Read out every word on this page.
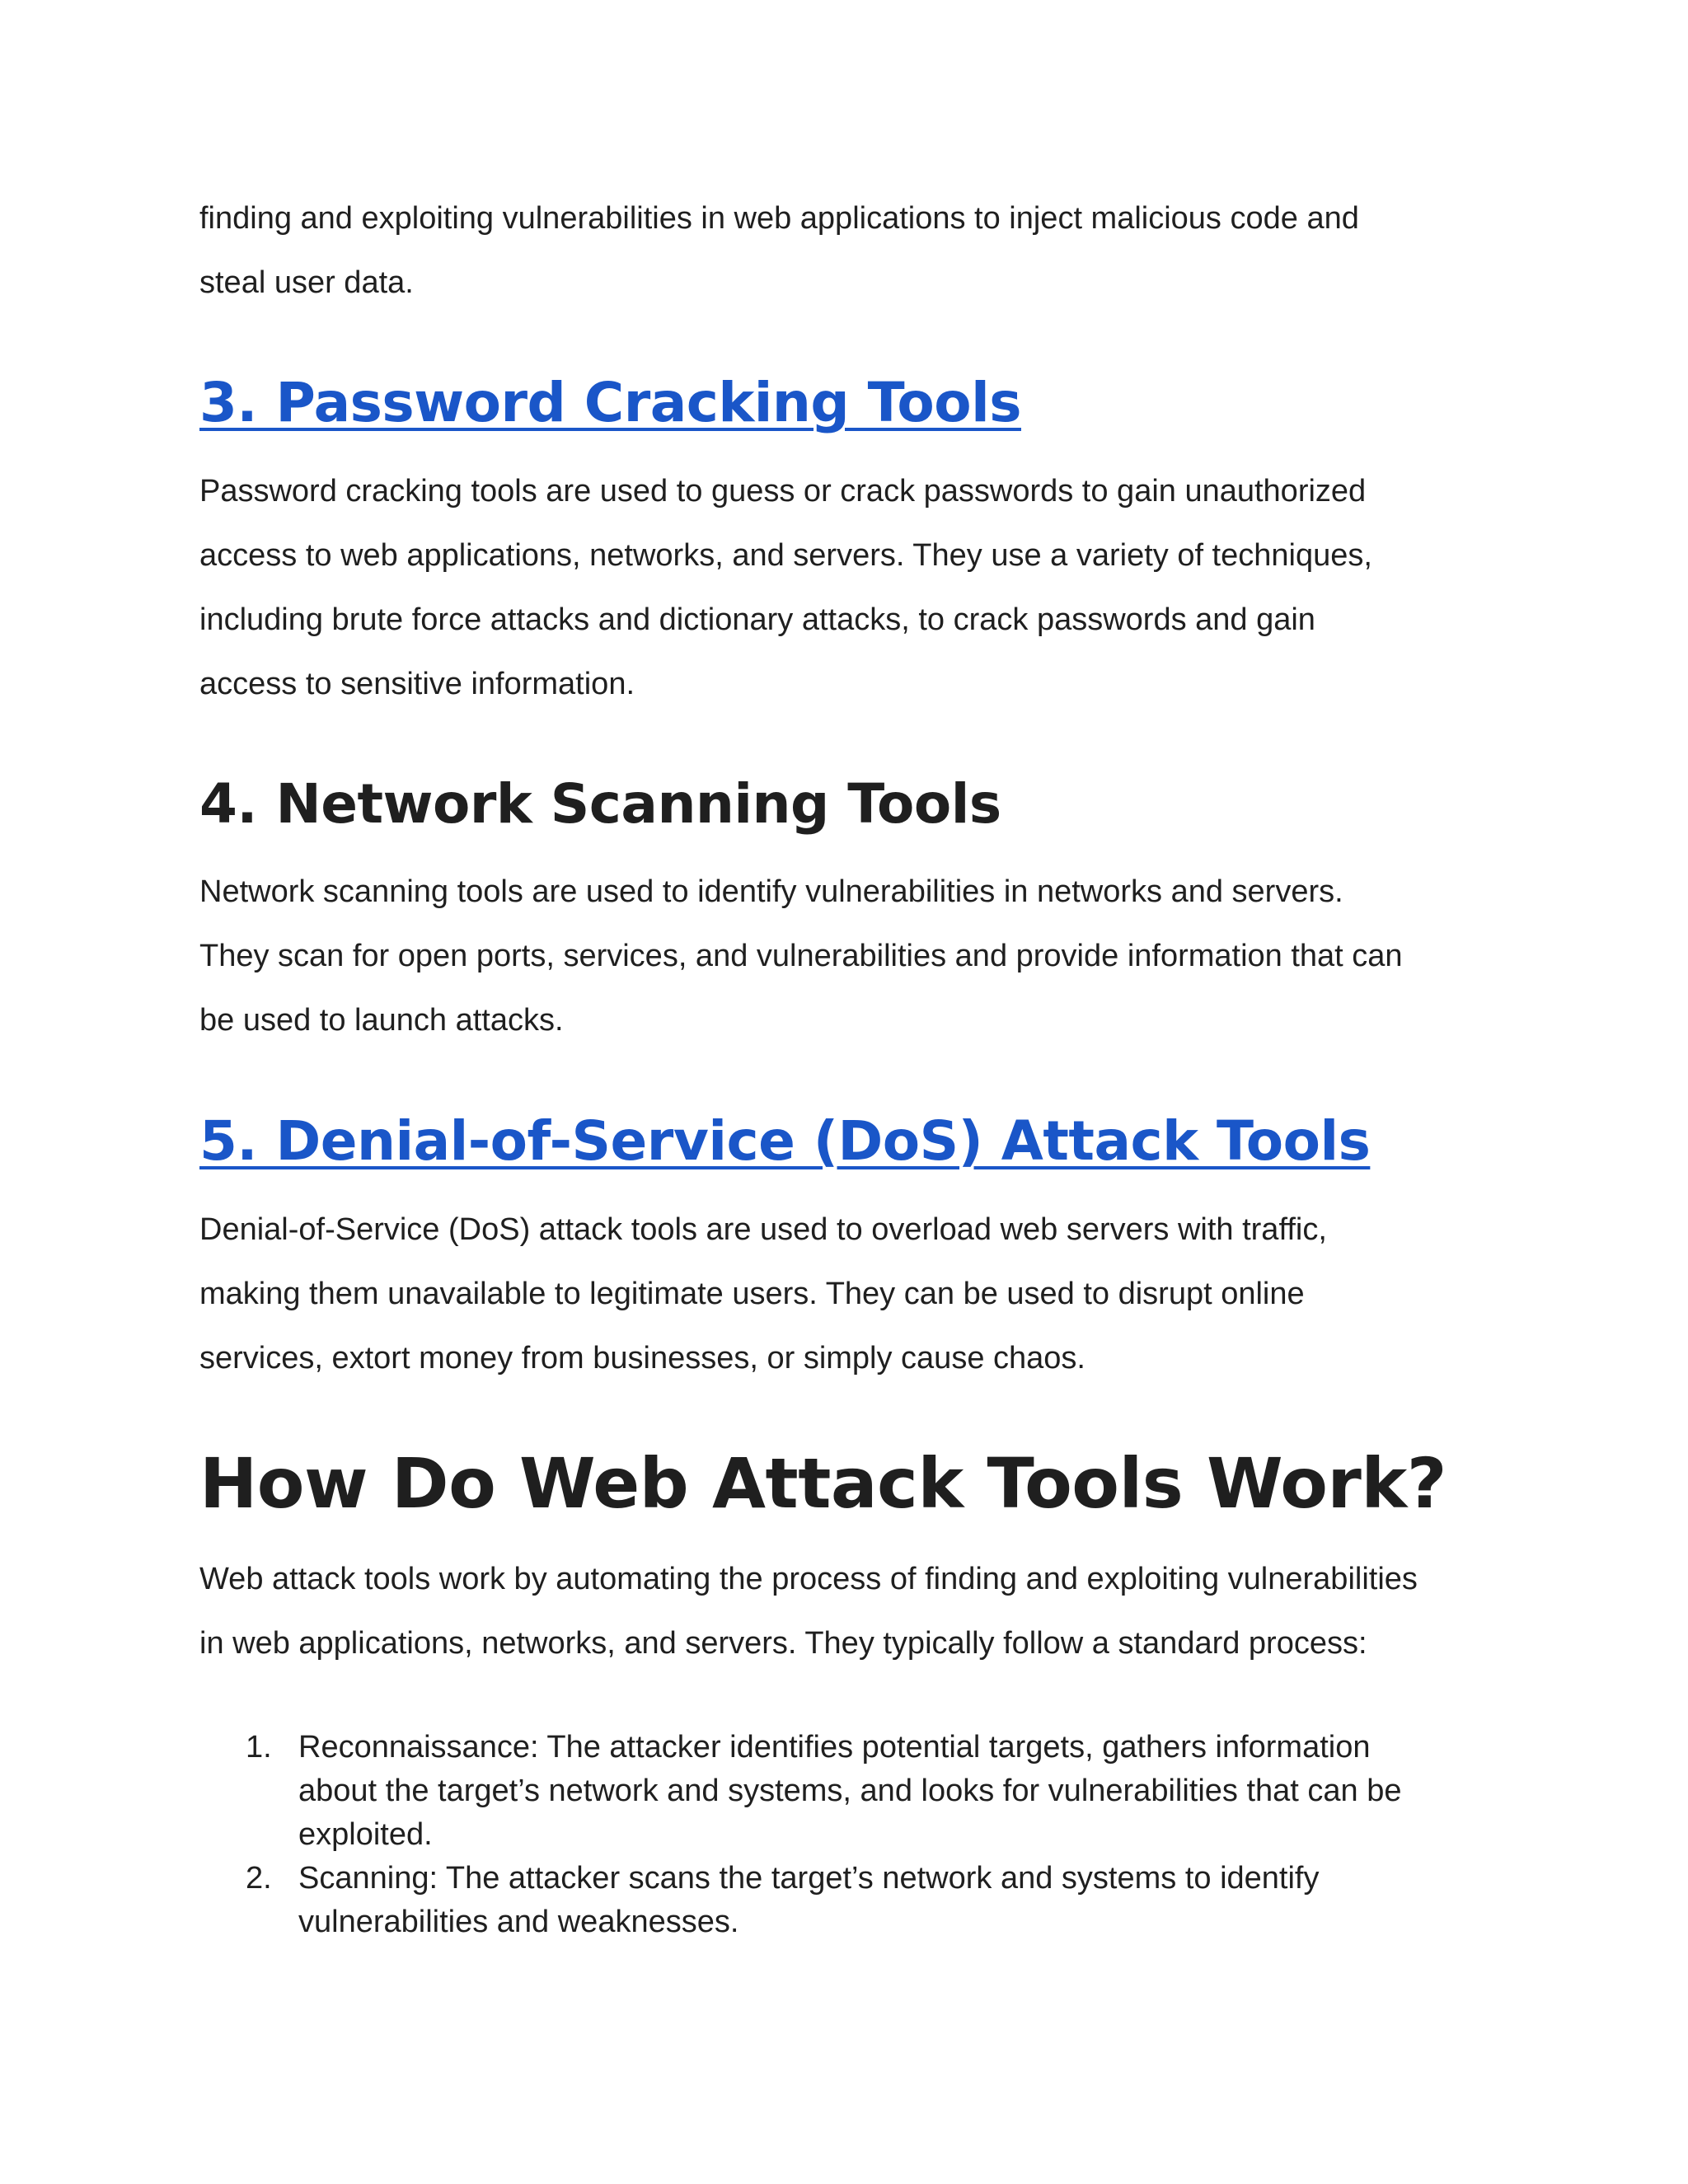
finding and exploiting vulnerabilities in web applications to inject malicious code and

steal user data.

3. Password Cracking Tools

Password cracking tools are used to guess or crack passwords to gain unauthorized

access to web applications, networks, and servers. They use a variety of techniques,

including brute force attacks and dictionary attacks, to crack passwords and gain

access to sensitive information.

4. Network Scanning Tools

Network scanning tools are used to identify vulnerabilities in networks and servers.

They scan for open ports, services, and vulnerabilities and provide information that can

be used to launch attacks.

5. Denial-of-Service (DoS) Attack Tools

Denial-of-Service (DoS) attack tools are used to overload web servers with traffic,

making them unavailable to legitimate users. They can be used to disrupt online

services, extort money from businesses, or simply cause chaos.

How Do Web Attack Tools Work?

Web attack tools work by automating the process of finding and exploiting vulnerabilities

in web applications, networks, and servers. They typically follow a standard process:

1. Reconnaissance: The attacker identifies potential targets, gathers information
about the target’s network and systems, and looks for vulnerabilities that can be
exploited.
2. Scanning: The attacker scans the target’s network and systems to identify
vulnerabilities and weaknesses.
